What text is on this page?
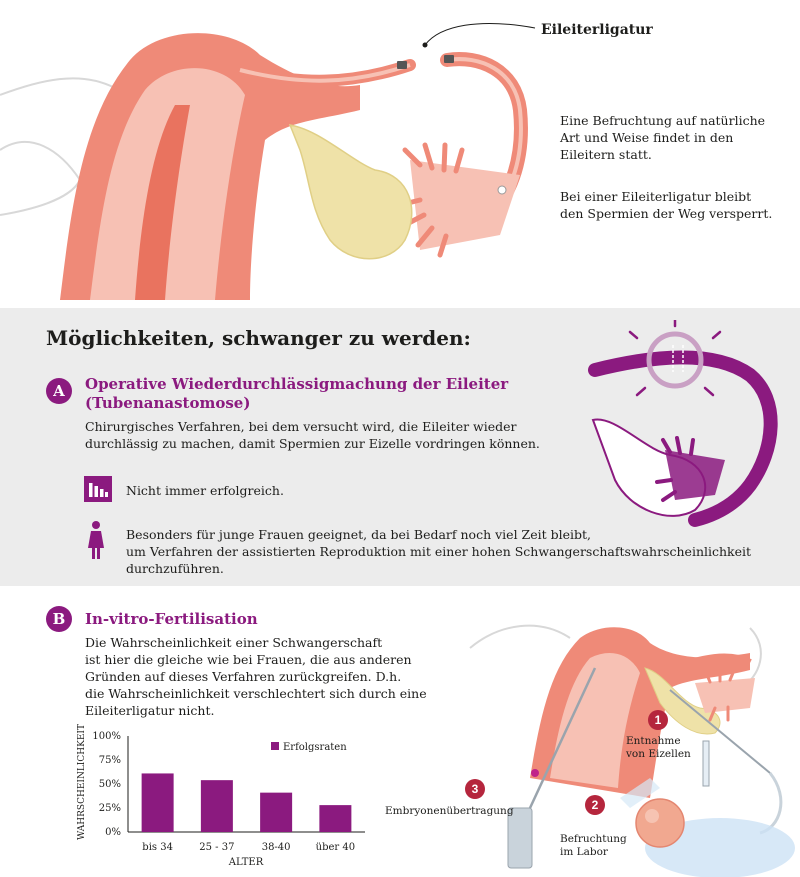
Eileiterligatur
Eine Befruchtung auf natürliche
Art und Weise findet in den
Eileitern statt.
Bei einer Eileiterligatur bleibt
den Spermien der Weg versperrt.
Möglichkeiten, schwanger zu werden:
A	Operative Wiederdurchlässigmachung der Eileiter
(Tubenanastomose)
Chirurgisches Verfahren, bei dem versucht wird, die Eileiter wieder
durchlässig zu machen, damit Spermien zur Eizelle vordringen können.
Nicht immer erfolgreich.
Besonders für junge Frauen geeignet, da bei Bedarf noch viel Zeit bleibt,
um Verfahren der assistierten Reproduktion mit einer hohen Schwangerschaftswahrscheinlichkeit
durchzuführen.
B	In-vitro-Fertilisation
Die Wahrscheinlichkeit einer Schwangerschaft
ist hier die gleiche wie bei Frauen, die aus anderen
Gründen auf dieses Verfahren zurückgreifen. D.h.
die Wahrscheinlichkeit verschlechtert sich durch eine
Eileiterligatur nicht.
WAHRSCHEINLICHKEIT 0%
25%
50%
75%
100%
bis 34	25 - 37	38-40	über 40
Erfolgsraten
ALTER
1
Entnahme
von Eizellen
2
Befruchtung
im Labor
3
Embryonenübertragung
